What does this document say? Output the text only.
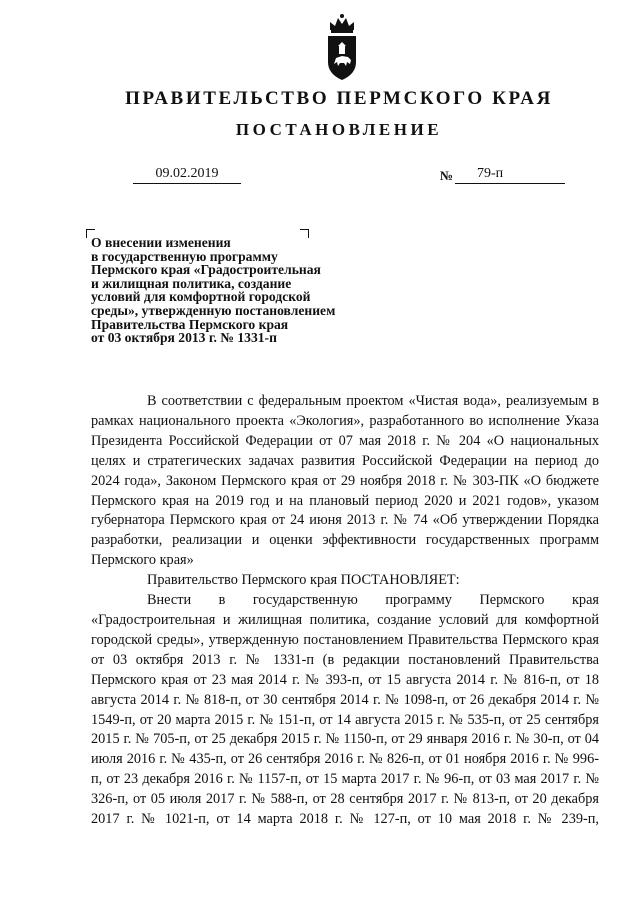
ПРАВИТЕЛЬСТВО ПЕРМСКОГО КРАЯ
ПОСТАНОВЛЕНИЕ
09.02.2019	№	79-п
О внесении изменения
в государственную программу
Пермского края «Градостроительная
и жилищная политика, создание
условий для комфортной городской
среды», утвержденную постановлением
Правительства Пермского края
от 03 октября 2013 г. № 1331-п

В соответствии с федеральным проектом «Чистая вода», реализуемым в рамках национального проекта «Экология», разработанного во исполнение Указа Президента Российской Федерации от 07 мая 2018 г. № 204 «О национальных целях и стратегических задачах развития Российской Федерации на период до 2024 года», Законом Пермского края от 29 ноября 2018 г. № 303-ПК «О бюджете Пермского края на 2019 год и на плановый период 2020 и 2021 годов», указом губернатора Пермского края от 24 июня 2013 г. № 74 «Об утверждении Порядка разработки, реализации и оценки эффективности государственных программ Пермского края»

Правительство Пермского края ПОСТАНОВЛЯЕТ:

Внести в государственную программу Пермского края «Градостроительная и жилищная политика, создание условий для комфортной городской среды», утвержденную постановлением Правительства Пермского края от 03 октября 2013 г. № 1331-п (в редакции постановлений Правительства Пермского края от 23 мая 2014 г. № 393-п, от 15 августа 2014 г. № 816-п, от 18 августа 2014 г. № 818-п, от 30 сентября 2014 г. № 1098-п, от 26 декабря 2014 г. № 1549-п, от 20 марта 2015 г. № 151-п, от 14 августа 2015 г. № 535-п, от 25 сентября 2015 г. № 705-п, от 25 декабря 2015 г. № 1150-п, от 29 января 2016 г. № 30-п, от 04 июля 2016 г. № 435-п, от 26 сентября 2016 г. № 826-п, от 01 ноября 2016 г. № 996-п, от 23 декабря 2016 г. № 1157-п, от 15 марта 2017 г. № 96-п, от 03 мая 2017 г. № 326-п, от 05 июля 2017 г. № 588-п, от 28 сентября 2017 г. № 813-п, от 20 декабря 2017 г. № 1021-п, от 14 марта 2018 г. № 127-п, от 10 мая 2018 г. № 239-п,
